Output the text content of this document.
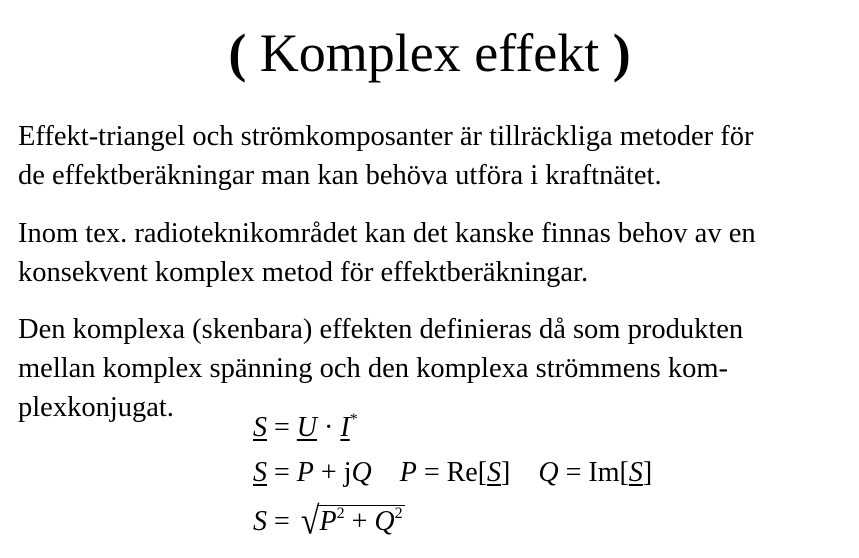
( Komplex effekt )

Effekt-triangel och strömkomposanter är tillräckliga metoder för
de effektberäkningar man kan behöva utföra i kraftnätet.

Inom tex. radioteknikområdet kan det kanske finnas behov av en
konsekvent komplex metod för effektberäkningar.

Den komplexa (skenbara) effekten definieras då som produkten
mellan komplex spänning och den komplexa strömmens kom-
plexkonjugat.

S = U · I*
S = P + jQ P = Re[S] Q = Im[S]
$S = √P^2 + Q^2$
